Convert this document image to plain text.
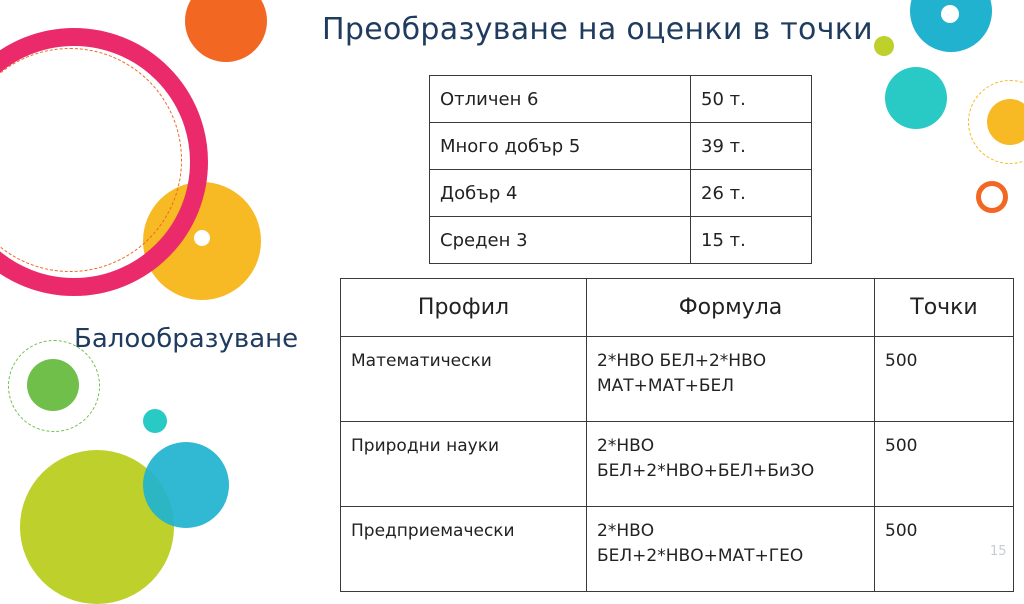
Преобразуване на оценки в точки
Балообразуване
Отличен 6	50 т.
Много добър 5	39 т.
Добър 4	26 т.
Среден 3	15 т.
Профил	Формула	Точки
Математически	2*НВО БЕЛ+2*НВО МАТ+МАТ+БЕЛ	500
Природни науки	2*НВО БЕЛ+2*НВО+БЕЛ+БиЗО	500
Предприемачески	2*НВО БЕЛ+2*НВО+МАТ+ГЕО	500
15
